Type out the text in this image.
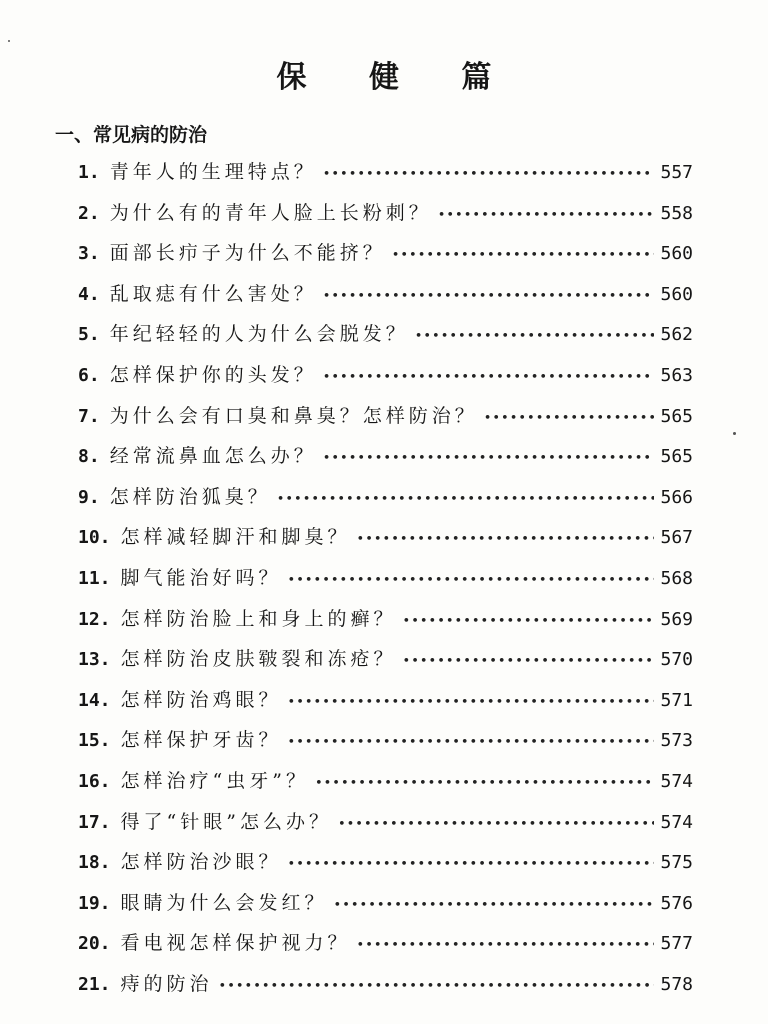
保 健 篇
一、常见病的防治
1. 青年人的生理特点？ •••••	557
2. 为什么有的青年人脸上长粉刺？ •••••	558
3. 面部长疖子为什么不能挤？ •••••	560
4. 乱取痣有什么害处？ •••••	560
5. 年纪轻轻的人为什么会脱发？ •••••	562
6. 怎样保护你的头发？ •••••	563
7. 为什么会有口臭和鼻臭？怎样防治？ •••••	565
8. 经常流鼻血怎么办？ •••••	565
9. 怎样防治狐臭？ •••••	566
10. 怎样减轻脚汗和脚臭？ •••••	567
11. 脚气能治好吗？ •••••	568
12. 怎样防治脸上和身上的癣？ •••••	569
13. 怎样防治皮肤皲裂和冻疮？ •••••	570
14. 怎样防治鸡眼？ •••••	571
15. 怎样保护牙齿？ •••••	573
16. 怎样治疗“虫牙”？ •••••	574
17. 得了“针眼”怎么办？ •••••	574
18. 怎样防治沙眼？ •••••	575
19. 眼睛为什么会发红？ •••••	576
20. 看电视怎样保护视力？ •••••	577
21. 痔的防治 •••••	578
